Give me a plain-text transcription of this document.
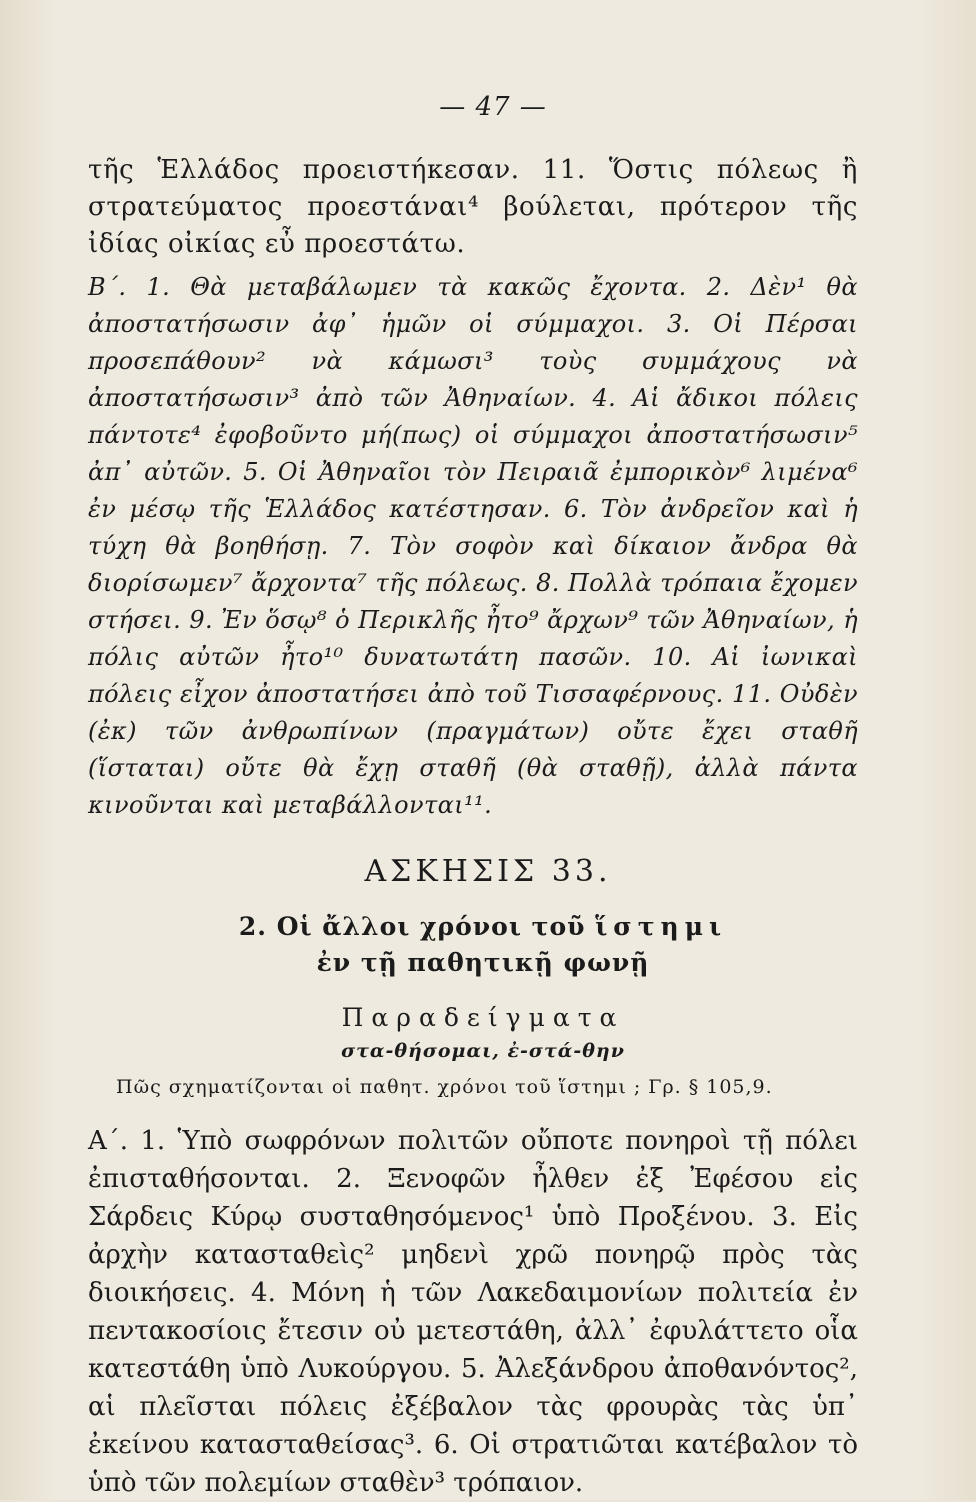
— 47 —

τῆς Ἑλλάδος προειστήκεσαν. 11. Ὅστις πόλεως ἢ στρατεύματος προεστάναι⁴ βούλεται, πρότερον τῆς ἰδίας οἰκίας εὖ προεστάτω.

Β΄. 1. Θὰ μεταβάλωμεν τὰ κακῶς ἔχοντα. 2. Δὲν¹ θὰ ἀποστατήσωσιν ἀφ᾽ ἡμῶν οἱ σύμμαχοι. 3. Οἱ Πέρσαι προσεπάθουν² νὰ κάμωσι³ τοὺς συμμάχους νὰ ἀποστατήσωσιν³ ἀπὸ τῶν Ἀθηναίων. 4. Αἱ ἄδικοι πόλεις πάντοτε⁴ ἐφοβοῦντο μή(πως) οἱ σύμμαχοι ἀποστατήσωσιν⁵ ἀπ᾽ αὐτῶν. 5. Οἱ Ἀθηναῖοι τὸν Πειραιᾶ ἐμπορικὸν⁶ λιμένα⁶ ἐν μέσῳ τῆς Ἑλλάδος κατέστησαν. 6. Τὸν ἀνδρεῖον καὶ ἡ τύχη θὰ βοηθήσῃ. 7. Τὸν σοφὸν καὶ δίκαιον ἄνδρα θὰ διορίσωμεν⁷ ἄρχοντα⁷ τῆς πόλεως. 8. Πολλὰ τρόπαια ἔχομεν στήσει. 9. Ἐν ὅσῳ⁸ ὁ Περικλῆς ἦτο⁹ ἄρχων⁹ τῶν Ἀθηναίων, ἡ πόλις αὐτῶν ἦτο¹⁰ δυνατωτάτη πασῶν. 10. Αἱ ἰωνικαὶ πόλεις εἶχον ἀποστατήσει ἀπὸ τοῦ Τισσαφέρνους. 11. Οὐδὲν (ἐκ) τῶν ἀνθρωπίνων (πραγμάτων) οὔτε ἔχει σταθῆ (ἵσταται) οὔτε θὰ ἔχῃ σταθῆ (θὰ σταθῇ), ἀλλὰ πάντα κινοῦνται καὶ μεταβάλλονται¹¹.

ΑΣΚΗΣΙΣ 33.
2. Οἱ ἄλλοι χρόνοι τοῦ ἵστημι
ἐν τῇ παθητικῇ φωνῇ
Παραδείγματα
στα-θήσομαι, ἐ-στά-θην
Πῶς σχηματίζονται οἱ παθητ. χρόνοι τοῦ ἵστημι ; Γρ. § 105,9.

Α΄. 1. Ὑπὸ σωφρόνων πολιτῶν οὔποτε πονηροὶ τῇ πόλει ἐπισταθήσονται. 2. Ξενοφῶν ἦλθεν ἐξ Ἐφέσου εἰς Σάρδεις Κύρῳ συσταθησόμενος¹ ὑπὸ Προξένου. 3. Εἰς ἀρχὴν κατασταθεὶς² μηδενὶ χρῶ πονηρῷ πρὸς τὰς διοικήσεις. 4. Μόνη ἡ τῶν Λακεδαιμονίων πολιτεία ἐν πεντακοσίοις ἔτεσιν οὐ μετεστάθη, ἀλλ᾽ ἐφυλάττετο οἷα κατεστάθη ὑπὸ Λυκούργου. 5. Ἀλεξάνδρου ἀποθανόντος², αἱ πλεῖσται πόλεις ἐξέβαλον τὰς φρουρὰς τὰς ὑπ᾽ ἐκείνου κατασταθείσας³. 6. Οἱ στρατιῶται κατέβαλον τὸ ὑπὸ τῶν πολεμίων σταθὲν³ τρόπαιον.
